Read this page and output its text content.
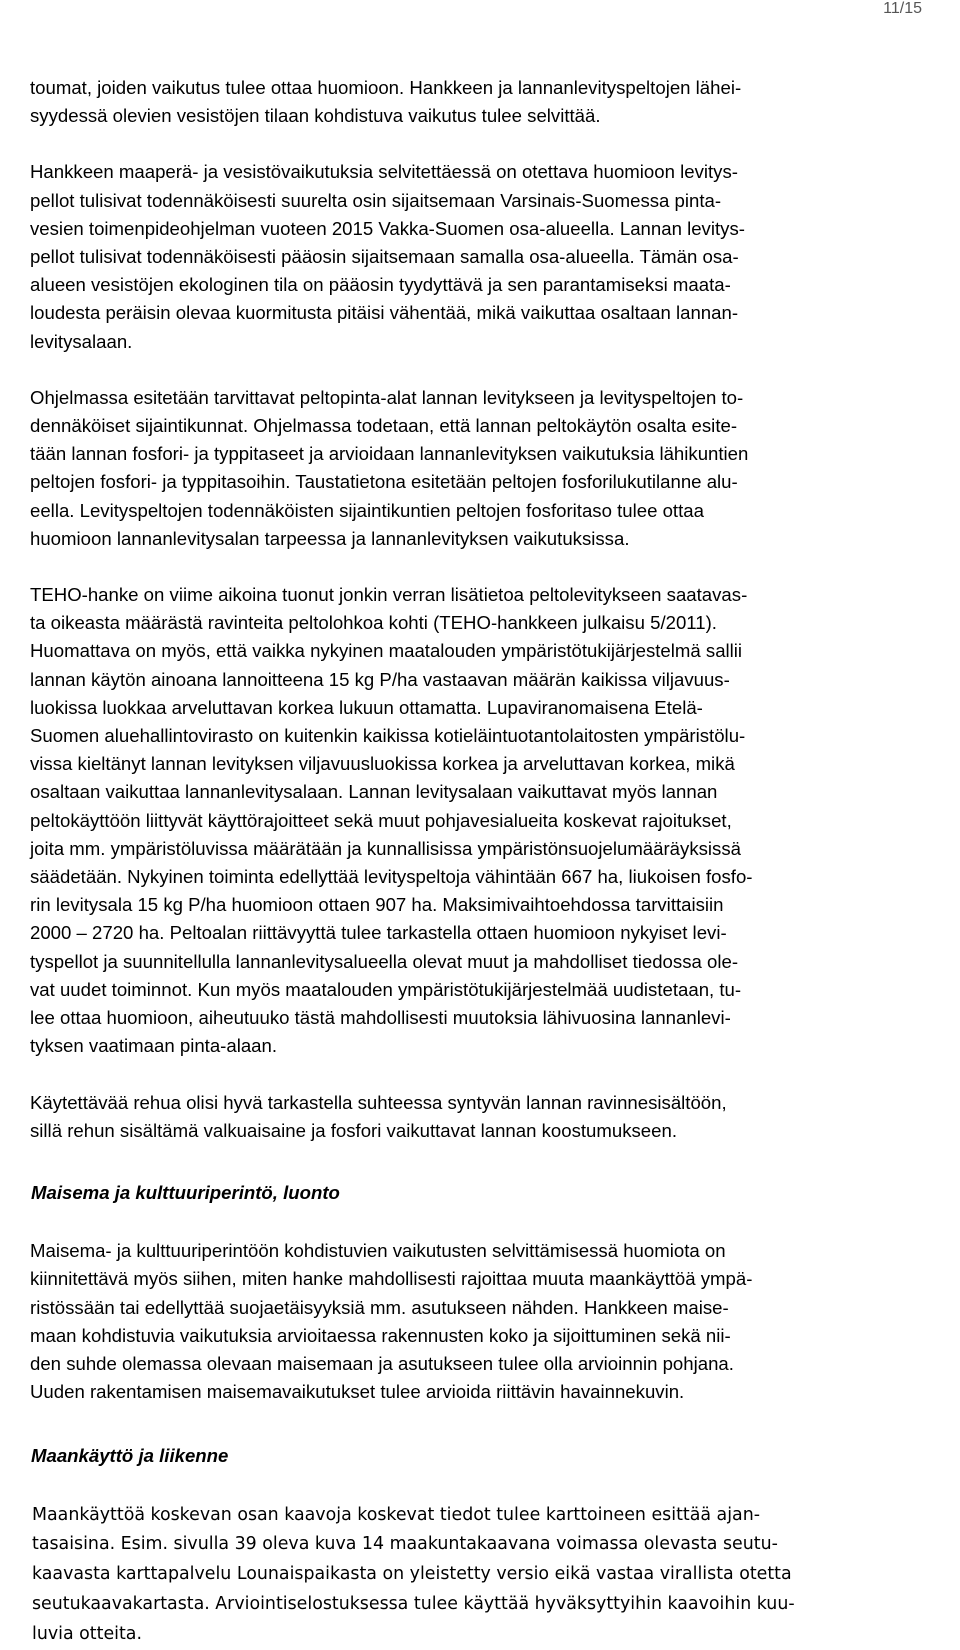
11/15

toumat, joiden vaikutus tulee ottaa huomioon. Hankkeen ja lannanlevityspeltojen lähei-
syydessä olevien vesistöjen tilaan kohdistuva vaikutus tulee selvittää.

Hankkeen maaperä- ja vesistövaikutuksia selvitettäessä on otettava huomioon levitys-
pellot tulisivat todennäköisesti suurelta osin sijaitsemaan Varsinais-Suomessa pinta-
vesien toimenpideohjelman vuoteen 2015 Vakka-Suomen osa-alueella. Lannan levitys-
pellot tulisivat todennäköisesti pääosin sijaitsemaan samalla osa-alueella. Tämän osa-
alueen vesistöjen ekologinen tila on pääosin tyydyttävä ja sen parantamiseksi maata-
loudesta peräisin olevaa kuormitusta pitäisi vähentää, mikä vaikuttaa osaltaan lannan-
levitysalaan.

Ohjelmassa esitetään tarvittavat peltopinta-alat lannan levitykseen ja levityspeltojen to-
dennäköiset sijaintikunnat. Ohjelmassa todetaan, että lannan peltokäytön osalta esite-
tään lannan fosfori- ja typpitaseet ja arvioidaan lannanlevityksen vaikutuksia lähikuntien
peltojen fosfori- ja typpitasoihin. Taustatietona esitetään peltojen fosforilukutilanne alu-
eella. Levityspeltojen todennäköisten sijaintikuntien peltojen fosforitaso tulee ottaa
huomioon lannanlevitysalan tarpeessa ja lannanlevityksen vaikutuksissa.

TEHO-hanke on viime aikoina tuonut jonkin verran lisätietoa peltolevitykseen saatavas-
ta oikeasta määrästä ravinteita peltolohkoa kohti (TEHO-hankkeen julkaisu 5/2011).
Huomattava on myös, että vaikka nykyinen maatalouden ympäristötukijärjestelmä sallii
lannan käytön ainoana lannoitteena 15 kg P/ha vastaavan määrän kaikissa viljavuus-
luokissa luokkaa arveluttavan korkea lukuun ottamatta. Lupaviranomaisena Etelä-
Suomen aluehallintovirasto on kuitenkin kaikissa kotieläintuotantolaitosten ympäristölu-
vissa kieltänyt lannan levityksen viljavuusluokissa korkea ja arveluttavan korkea, mikä
osaltaan vaikuttaa lannanlevitysalaan. Lannan levitysalaan vaikuttavat myös lannan
peltokäyttöön liittyvät käyttörajoitteet sekä muut pohjavesialueita koskevat rajoitukset,
joita mm. ympäristöluvissa määrätään ja kunnallisissa ympäristönsuojelumääräyksissä
säädetään. Nykyinen toiminta edellyttää levityspeltoja vähintään 667 ha, liukoisen fosfo-
rin levitysala 15 kg P/ha huomioon ottaen 907 ha. Maksimivaihtoehdossa tarvittaisiin
2000 – 2720 ha. Peltoalan riittävyyttä tulee tarkastella ottaen huomioon nykyiset levi-
tyspellot ja suunnitellulla lannanlevitysalueella olevat muut ja mahdolliset tiedossa ole-
vat uudet toiminnot. Kun myös maatalouden ympäristötukijärjestelmää uudistetaan, tu-
lee ottaa huomioon, aiheutuuko tästä mahdollisesti muutoksia lähivuosina lannanlevi-
tyksen vaatimaan pinta-alaan.

Käytettävää rehua olisi hyvä tarkastella suhteessa syntyvän lannan ravinnesisältöön,
sillä rehun sisältämä valkuaisaine ja fosfori vaikuttavat lannan koostumukseen.

Maisema ja kulttuuriperintö, luonto

Maisema- ja kulttuuriperintöön kohdistuvien vaikutusten selvittämisessä huomiota on
kiinnitettävä myös siihen, miten hanke mahdollisesti rajoittaa muuta maankäyttöä ympä-
ristössään tai edellyttää suojaetäisyyksiä mm. asutukseen nähden. Hankkeen maise-
maan kohdistuvia vaikutuksia arvioitaessa rakennusten koko ja sijoittuminen sekä nii-
den suhde olemassa olevaan maisemaan ja asutukseen tulee olla arvioinnin pohjana.
Uuden rakentamisen maisemavaikutukset tulee arvioida riittävin havainnekuvin.

Maankäyttö ja liikenne

Maankäyttöä koskevan osan kaavoja koskevat tiedot tulee karttoineen esittää ajan-
tasaisina. Esim. sivulla 39 oleva kuva 14 maakuntakaavana voimassa olevasta seutu-
kaavasta karttapalvelu Lounaispaikasta on yleistetty versio eikä vastaa virallista otetta
seutukaavakartasta. Arviointiselostuksessa tulee käyttää hyväksyttyihin kaavoihin kuu-
luvia otteita.
